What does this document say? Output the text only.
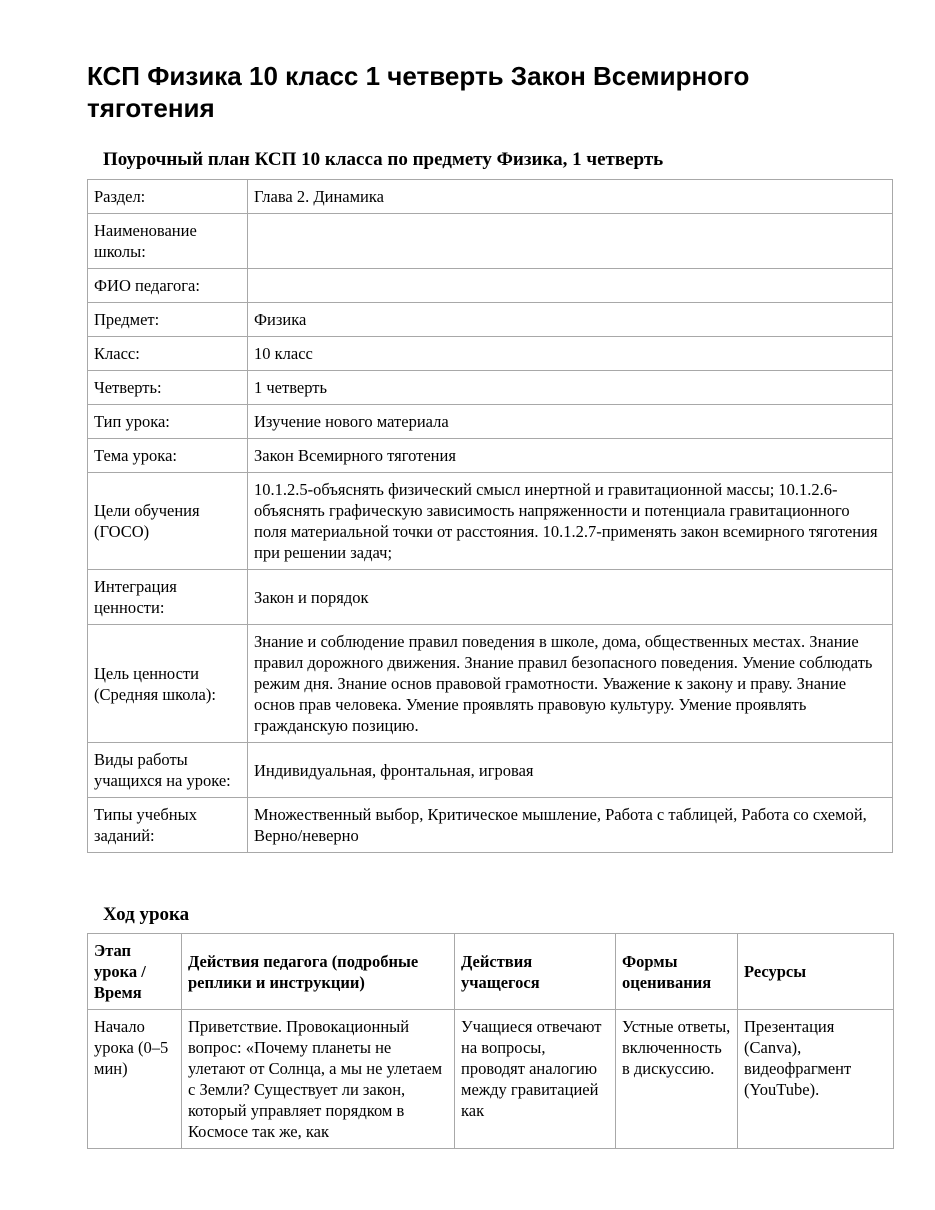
КСП Физика 10 класс 1 четверть Закон Всемирного тяготения
Поурочный план КСП 10 класса по предмету Физика, 1 четверть
Раздел:	Глава 2. Динамика
Наименование школы:	
ФИО педагога:	
Предмет:	Физика
Класс:	10 класс
Четверть:	1 четверть
Тип урока:	Изучение нового материала
Тема урока:	Закон Всемирного тяготения
Цели обучения (ГОСО)	10.1.2.5-объяснять физический смысл инертной и гравитационной массы; 10.1.2.6-объяснять графическую зависимость напряженности и потенциала гравитационного поля материальной точки от расстояния. 10.1.2.7-применять закон всемирного тяготения при решении задач;
Интеграция ценности:	Закон и порядок
Цель ценности (Средняя школа):	Знание и соблюдение правил поведения в школе, дома, общественных местах. Знание правил дорожного движения. Знание правил безопасного поведения. Умение соблюдать режим дня. Знание основ правовой грамотности. Уважение к закону и праву. Знание основ прав человека. Умение проявлять правовую культуру. Умение проявлять гражданскую позицию.
Виды работы учащихся на уроке:	Индивидуальная, фронтальная, игровая
Типы учебных заданий:	Множественный выбор, Критическое мышление, Работа с таблицей, Работа со схемой, Верно/неверно
Ход урока
Этап урока / Время	Действия педагога (подробные реплики и инструкции)	Действия учащегося	Формы оценивания	Ресурсы
Начало урока (0–5 мин)	Приветствие. Провокационный вопрос: «Почему планеты не улетают от Солнца, а мы не улетаем с Земли? Существует ли закон, который управляет порядком в Космосе так же, как	Учащиеся отвечают на вопросы, проводят аналогию между гравитацией как	Устные ответы, включенность в дискуссию.	Презентация (Canva), видеофрагмент (YouTube).
